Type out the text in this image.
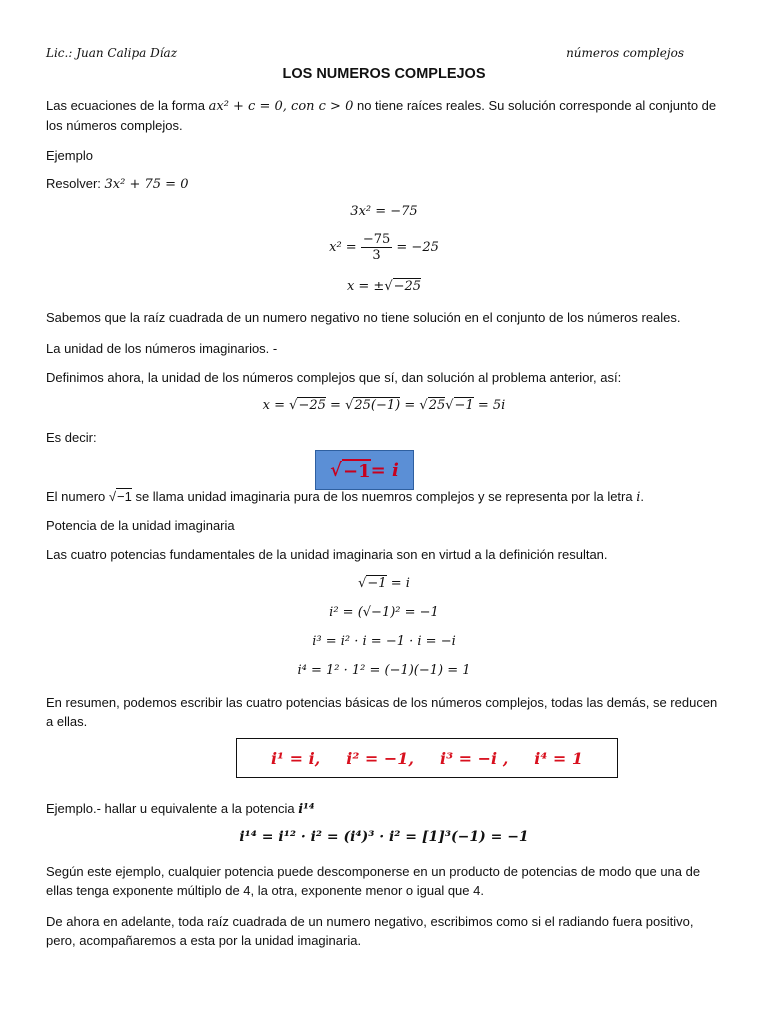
Lic.: Juan Calipa Díaz	números complejos
LOS NUMEROS COMPLEJOS
Las ecuaciones de la forma ax² + c = 0, con c > 0 no tiene raíces reales. Su solución corresponde al conjunto de los números complejos.
Ejemplo
Resolver: 3x² + 75 = 0
3x² = −75
$x^2 = \frac{-75}{3} = -25$
x = ±√−25
Sabemos que la raíz cuadrada de un numero negativo no tiene solución en el conjunto de los números reales.
La unidad de los números imaginarios. -
Definimos ahora, la unidad de los números complejos que sí, dan solución al problema anterior, así:
x = √−25 = √25(−1) = √25√−1 = 5i
Es decir:
√ −1 = i
El numero √−1 se llama unidad imaginaria pura de los nuemros complejos y se representa por la letra i.
Potencia de la unidad imaginaria
Las cuatro potencias fundamentales de la unidad imaginaria son en virtud a la definición resultan.
√−1 = i
i² = (√−1)² = −1
i³ = i² · i = −1 · i = −i
i⁴ = 1² · 1² = (−1)(−1) = 1
En resumen, podemos escribir las cuatro potencias básicas de los números complejos, todas las demás, se reducen a ellas.
i¹ = i, i² = −1, i³ = −i , i⁴ = 1
Ejemplo.- hallar u equivalente a la potencia i¹⁴
i¹⁴ = i¹² · i² = (i⁴)³ · i² = [1]³(−1) = −1
Según este ejemplo, cualquier potencia puede descomponerse en un producto de potencias de modo que una de ellas tenga exponente múltiplo de 4, la otra, exponente menor o igual que 4.
De ahora en adelante, toda raíz cuadrada de un numero negativo, escribimos como si el radiando fuera positivo, pero, acompañaremos a esta por la unidad imaginaria.
